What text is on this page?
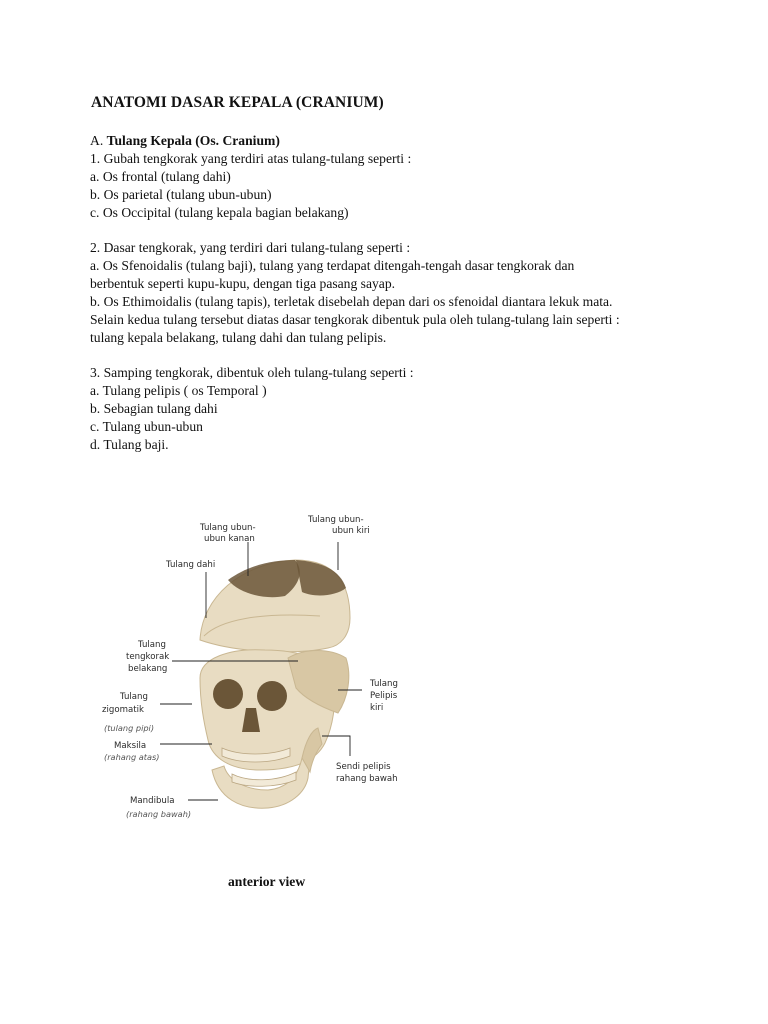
ANATOMI DASAR KEPALA (CRANIUM)
A. Tulang Kepala (Os. Cranium)
1. Gubah tengkorak yang terdiri atas tulang-tulang seperti :
a. Os frontal (tulang dahi)
b. Os parietal (tulang ubun-ubun)
c. Os Occipital (tulang kepala bagian belakang)
2. Dasar tengkorak, yang terdiri dari tulang-tulang seperti :
a. Os Sfenoidalis (tulang baji), tulang yang terdapat ditengah-tengah dasar tengkorak dan
berbentuk seperti kupu-kupu, dengan tiga pasang sayap.
b. Os Ethimoidalis (tulang tapis), terletak disebelah depan dari os sfenoidal diantara lekuk mata.
Selain kedua tulang tersebut diatas dasar tengkorak dibentuk pula oleh tulang-tulang lain seperti :
tulang kepala belakang, tulang dahi dan tulang pelipis.
3. Samping tengkorak, dibentuk oleh tulang-tulang seperti :
a. Tulang pelipis ( os Temporal )
b. Sebagian tulang dahi
c. Tulang ubun-ubun
d. Tulang baji.
Tulang ubun-
ubun kanan
Tulang ubun-
ubun kiri
Tulang dahi
Tulang
tengkorak
belakang
Tulang
zigomatik
(tulang pipi)
Maksila
(rahang atas)
Mandibula
(rahang bawah)
Tulang
Pelipis
kiri
Sendi pelipis
rahang bawah
anterior view
